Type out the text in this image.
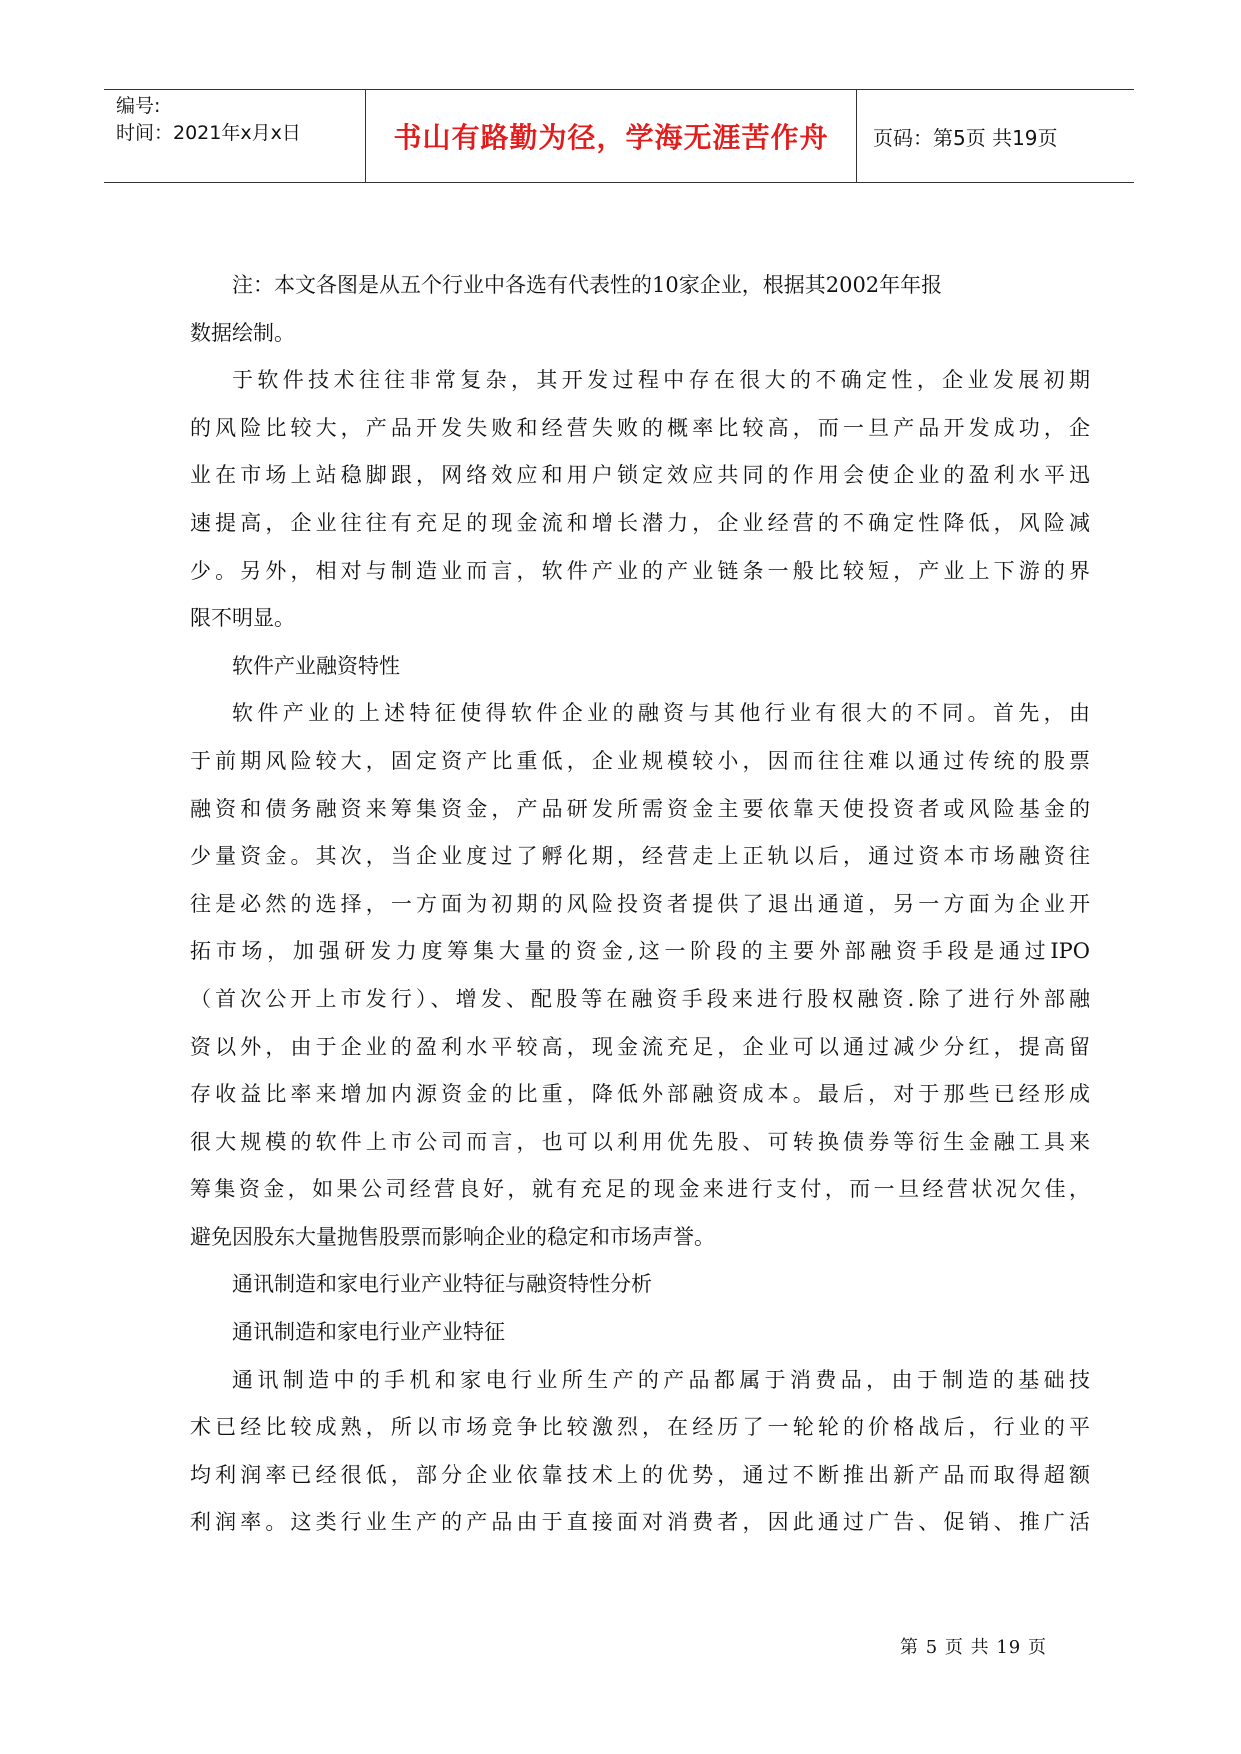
编号:
时间：2021年x月x日	书山有路勤为径，学海无涯苦作舟	页码：第5页 共19页
注：本文各图是从五个行业中各选有代表性的10家企业，根据其2002年年报
数据绘制。
于软件技术往往非常复杂，其开发过程中存在很大的不确定性，企业发展初期
的风险比较大，产品开发失败和经营失败的概率比较高，而一旦产品开发成功，企
业在市场上站稳脚跟，网络效应和用户锁定效应共同的作用会使企业的盈利水平迅
速提高，企业往往有充足的现金流和增长潜力，企业经营的不确定性降低，风险减
少。另外，相对与制造业而言，软件产业的产业链条一般比较短，产业上下游的界
限不明显。
软件产业融资特性
软件产业的上述特征使得软件企业的融资与其他行业有很大的不同。首先，由
于前期风险较大，固定资产比重低，企业规模较小，因而往往难以通过传统的股票
融资和债务融资来筹集资金，产品研发所需资金主要依靠天使投资者或风险基金的
少量资金。其次，当企业度过了孵化期，经营走上正轨以后，通过资本市场融资往
往是必然的选择，一方面为初期的风险投资者提供了退出通道，另一方面为企业开
拓市场，加强研发力度筹集大量的资金,这一阶段的主要外部融资手段是通过IPO
（首次公开上市发行）、增发、配股等在融资手段来进行股权融资.除了进行外部融
资以外，由于企业的盈利水平较高，现金流充足，企业可以通过减少分红，提高留
存收益比率来增加内源资金的比重，降低外部融资成本。最后，对于那些已经形成
很大规模的软件上市公司而言，也可以利用优先股、可转换债券等衍生金融工具来
筹集资金，如果公司经营良好，就有充足的现金来进行支付，而一旦经营状况欠佳，
避免因股东大量抛售股票而影响企业的稳定和市场声誉。
通讯制造和家电行业产业特征与融资特性分析
通讯制造和家电行业产业特征
通讯制造中的手机和家电行业所生产的产品都属于消费品，由于制造的基础技
术已经比较成熟，所以市场竞争比较激烈，在经历了一轮轮的价格战后，行业的平
均利润率已经很低，部分企业依靠技术上的优势，通过不断推出新产品而取得超额
利润率。这类行业生产的产品由于直接面对消费者，因此通过广告、促销、推广活
第 5 页 共 19 页
